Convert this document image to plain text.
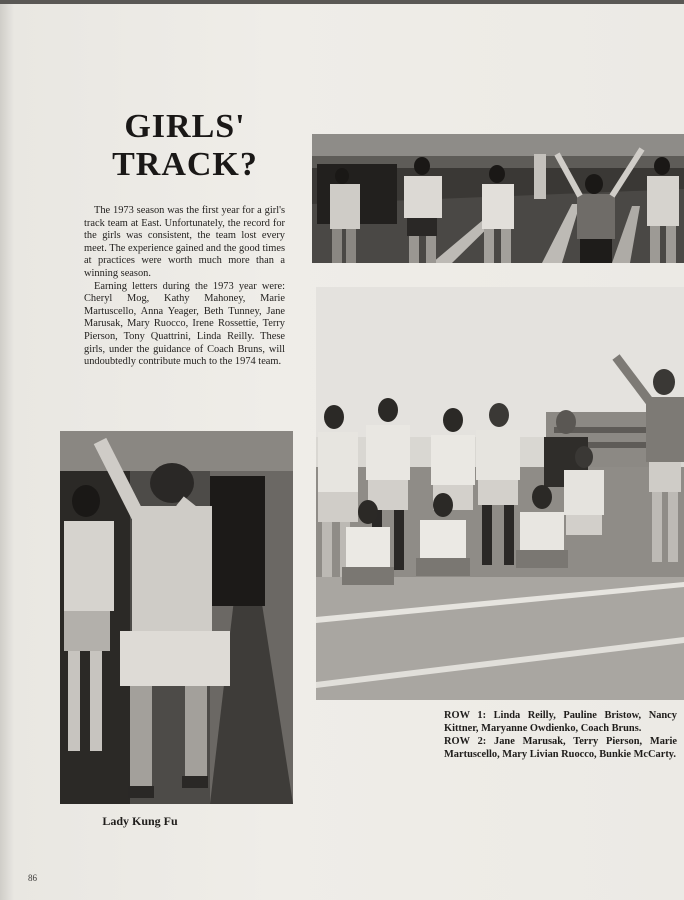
GIRLS'
TRACK?

The 1973 season was the first year for a girl's track team at East. Unfortunately, the record for the girls was consistent, the team lost every meet. The experience gained and the good times at practices were worth much more than a winning season.

Earning letters during the 1973 year were: Cheryl Mog, Kathy Mahoney, Marie Martuscello, Anna Yeager, Beth Tunney, Jane Marusak, Mary Ruocco, Irene Rossettie, Terry Pierson, Tony Quattrini, Linda Reilly. These girls, under the guidance of Coach Bruns, will undoubtedly contribute much to the 1974 team.

ROW 1: Linda Reilly, Pauline Bristow, Nancy Kittner, Maryanne Owdienko, Coach Bruns.

ROW 2: Jane Marusak, Terry Pierson, Marie Martuscello, Mary Livian Ruocco, Bunkie McCarty.

Lady Kung Fu
86
